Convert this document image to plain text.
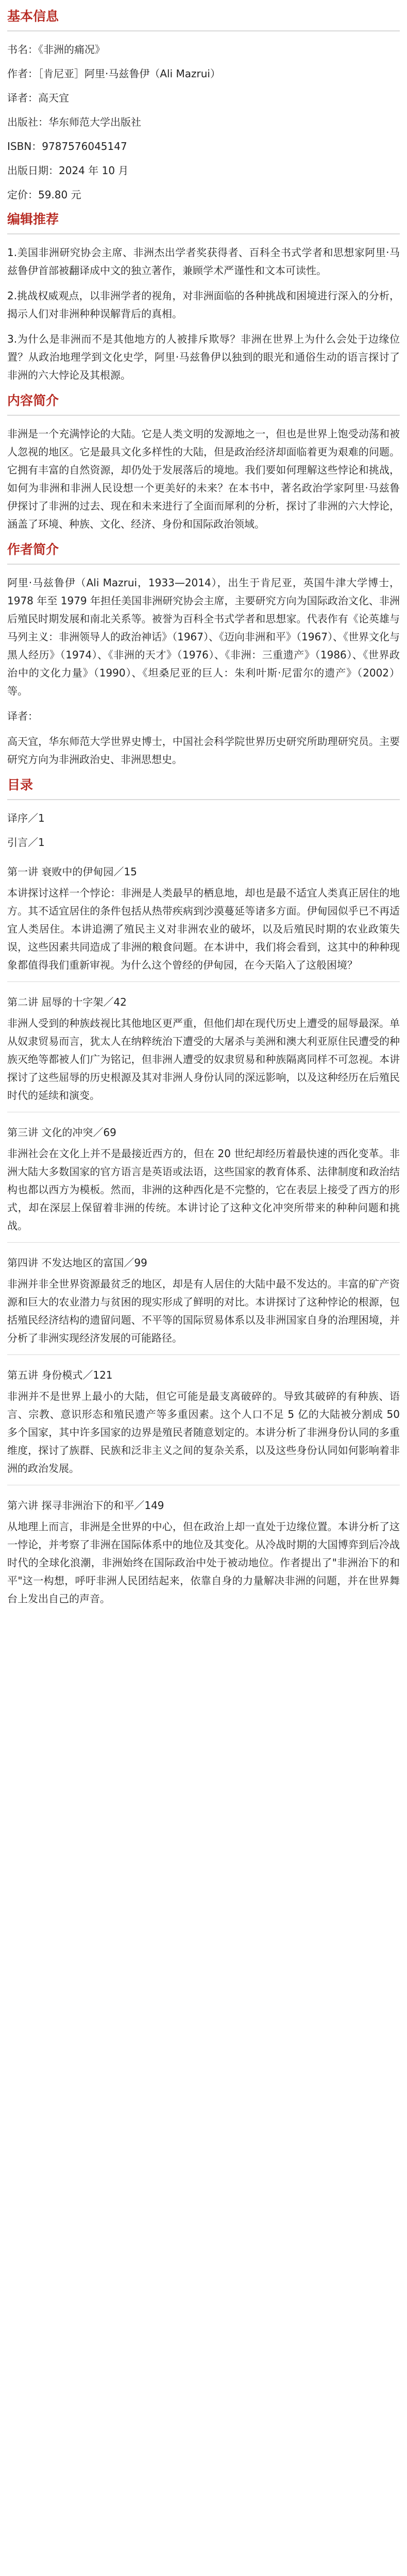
基本信息
书名：《非洲的痛况》
作者：［肯尼亚］阿里·马兹鲁伊（Ali Mazrui）
译者：高天宜
出版社：华东师范大学出版社
ISBN：9787576045147
出版日期：2024 年 10 月
定价：59.80 元
编辑推荐

1.美国非洲研究协会主席、非洲杰出学者奖获得者、百科全书式学者和思想家阿里·马兹鲁伊首部被翻译成中文的独立著作，兼顾学术严谨性和文本可读性。

2.挑战权威观点，以非洲学者的视角，对非洲面临的各种挑战和困境进行深入的分析，揭示人们对非洲种种误解背后的真相。

3.为什么是非洲而不是其他地方的人被排斥欺辱？非洲在世界上为什么会处于边缘位置？从政治地理学到文化史学，阿里·马兹鲁伊以独到的眼光和通俗生动的语言探讨了非洲的六大悖论及其根源。

内容简介

非洲是一个充满悖论的大陆。它是人类文明的发源地之一，但也是世界上饱受动荡和被人忽视的地区。它是最具文化多样性的大陆，但是政治经济却面临着更为艰难的问题。它拥有丰富的自然资源，却仍处于发展落后的境地。我们要如何理解这些悖论和挑战，如何为非洲和非洲人民设想一个更美好的未来？在本书中，著名政治学家阿里·马兹鲁伊探讨了非洲的过去、现在和未来进行了全面而犀利的分析，探讨了非洲的六大悖论，涵盖了环境、种族、文化、经济、身份和国际政治领域。

作者简介

阿里·马兹鲁伊（Ali Mazrui，1933—2014），出生于肯尼亚，英国牛津大学博士，1978 年至 1979 年担任美国非洲研究协会主席，主要研究方向为国际政治文化、非洲后殖民时期发展和南北关系等。被誉为百科全书式学者和思想家。代表作有《论英雄与马列主义：非洲领导人的政治神话》（1967）、《迈向非洲和平》（1967）、《世界文化与黑人经历》（1974）、《非洲的天才》（1976）、《非洲：三重遗产》（1986）、《世界政治中的文化力量》（1990）、《坦桑尼亚的巨人：朱利叶斯·尼雷尔的遗产》（2002）等。

译者：

高天宜，华东师范大学世界史博士，中国社会科学院世界历史研究所助理研究员。主要研究方向为非洲政治史、非洲思想史。

目录
译序／1
引言／1
第一讲 衰败中的伊甸园／15
本讲探讨这样一个悖论：非洲是人类最早的栖息地，却也是最不适宜人类真正居住的地方。其不适宜居住的条件包括从热带疾病到沙漠蔓延等诸多方面。伊甸园似乎已不再适宜人类居住。本讲追溯了殖民主义对非洲农业的破坏，以及后殖民时期的农业政策失误，这些因素共同造成了非洲的粮食问题。在本讲中，我们将会看到，这其中的种种现象都值得我们重新审视。为什么这个曾经的伊甸园，在今天陷入了这般困境？
第二讲 屈辱的十字架／42
非洲人受到的种族歧视比其他地区更严重，但他们却在现代历史上遭受的屈辱最深。单从奴隶贸易而言，犹太人在纳粹统治下遭受的大屠杀与美洲和澳大利亚原住民遭受的种族灭绝等都被人们广为铭记，但非洲人遭受的奴隶贸易和种族隔离同样不可忽视。本讲探讨了这些屈辱的历史根源及其对非洲人身份认同的深远影响，以及这种经历在后殖民时代的延续和演变。
第三讲 文化的冲突／69
非洲社会在文化上并不是最接近西方的，但在 20 世纪却经历着最快速的西化变革。非洲大陆大多数国家的官方语言是英语或法语，这些国家的教育体系、法律制度和政治结构也都以西方为模板。然而，非洲的这种西化是不完整的，它在表层上接受了西方的形式，却在深层上保留着非洲的传统。本讲讨论了这种文化冲突所带来的种种问题和挑战。
第四讲 不发达地区的富国／99
非洲并非全世界资源最贫乏的地区，却是有人居住的大陆中最不发达的。丰富的矿产资源和巨大的农业潜力与贫困的现实形成了鲜明的对比。本讲探讨了这种悖论的根源，包括殖民经济结构的遗留问题、不平等的国际贸易体系以及非洲国家自身的治理困境，并分析了非洲实现经济发展的可能路径。
第五讲 身份模式／121
非洲并不是世界上最小的大陆，但它可能是最支离破碎的。导致其破碎的有种族、语言、宗教、意识形态和殖民遗产等多重因素。这个人口不足 5 亿的大陆被分割成 50 多个国家，其中许多国家的边界是殖民者随意划定的。本讲分析了非洲身份认同的多重维度，探讨了族群、民族和泛非主义之间的复杂关系，以及这些身份认同如何影响着非洲的政治发展。
第六讲 探寻非洲治下的和平／149
从地理上而言，非洲是全世界的中心，但在政治上却一直处于边缘位置。本讲分析了这一悖论，并考察了非洲在国际体系中的地位及其变化。从冷战时期的大国博弈到后冷战时代的全球化浪潮，非洲始终在国际政治中处于被动地位。作者提出了"非洲治下的和平"这一构想，呼吁非洲人民团结起来，依靠自身的力量解决非洲的问题，并在世界舞台上发出自己的声音。
